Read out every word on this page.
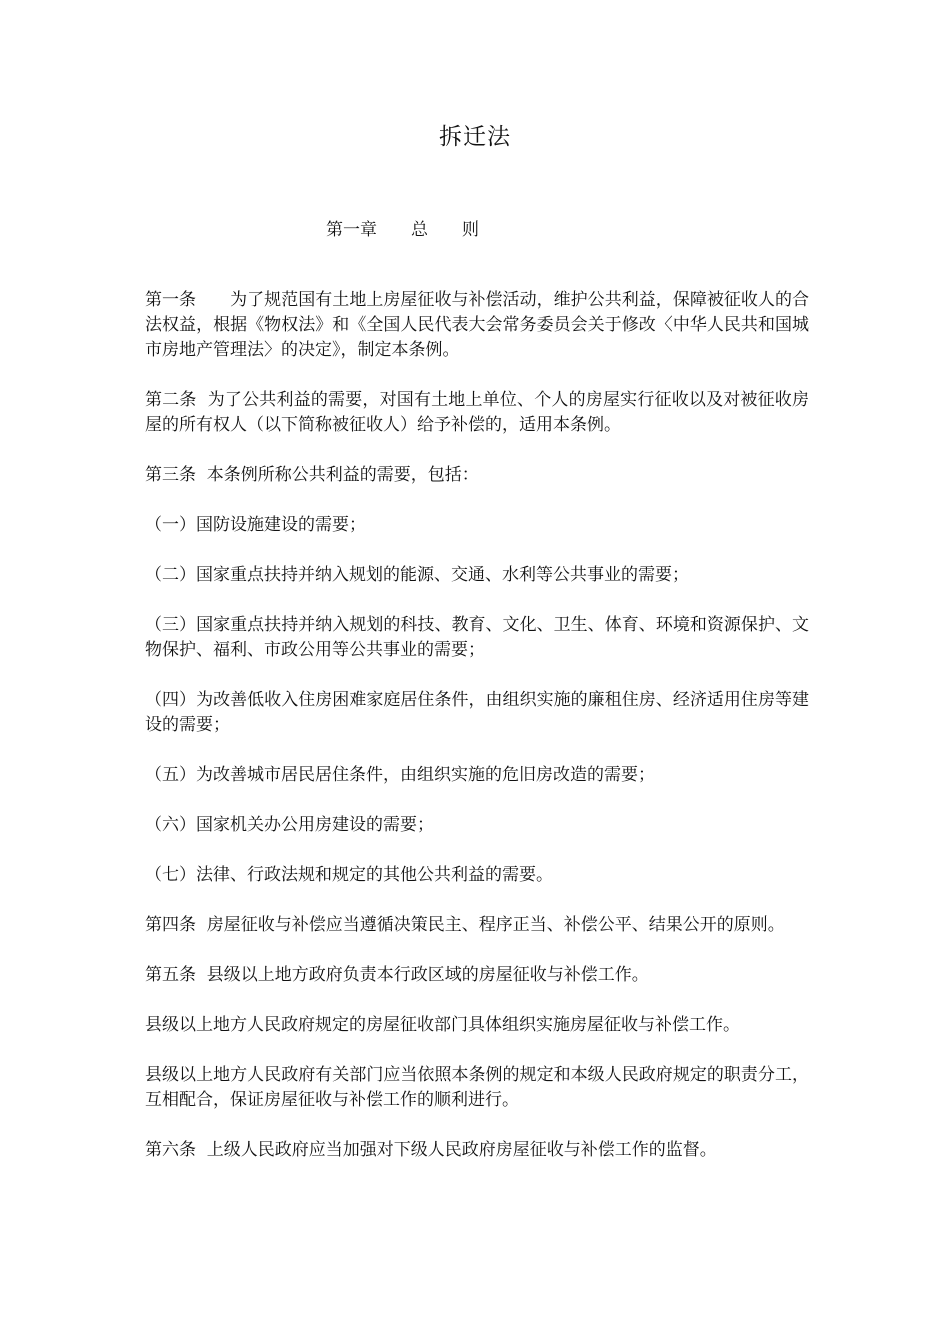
拆迁法
第一章　　总　　则

第一条　　为了规范国有土地上房屋征收与补偿活动，维护公共利益，保障被征收人的合法权益，根据《物权法》和《全国人民代表大会常务委员会关于修改〈中华人民共和国城市房地产管理法〉的决定》，制定本条例。

第二条  为了公共利益的需要，对国有土地上单位、个人的房屋实行征收以及对被征收房屋的所有权人（以下简称被征收人）给予补偿的，适用本条例。

第三条  本条例所称公共利益的需要，包括：

（一）国防设施建设的需要；

（二）国家重点扶持并纳入规划的能源、交通、水利等公共事业的需要；

（三）国家重点扶持并纳入规划的科技、教育、文化、卫生、体育、环境和资源保护、文物保护、福利、市政公用等公共事业的需要；

（四）为改善低收入住房困难家庭居住条件，由组织实施的廉租住房、经济适用住房等建设的需要；

（五）为改善城市居民居住条件，由组织实施的危旧房改造的需要；

（六）国家机关办公用房建设的需要；

（七）法律、行政法规和规定的其他公共利益的需要。

第四条  房屋征收与补偿应当遵循决策民主、程序正当、补偿公平、结果公开的原则。

第五条  县级以上地方政府负责本行政区域的房屋征收与补偿工作。

县级以上地方人民政府规定的房屋征收部门具体组织实施房屋征收与补偿工作。

县级以上地方人民政府有关部门应当依照本条例的规定和本级人民政府规定的职责分工，互相配合，保证房屋征收与补偿工作的顺利进行。

第六条  上级人民政府应当加强对下级人民政府房屋征收与补偿工作的监督。
